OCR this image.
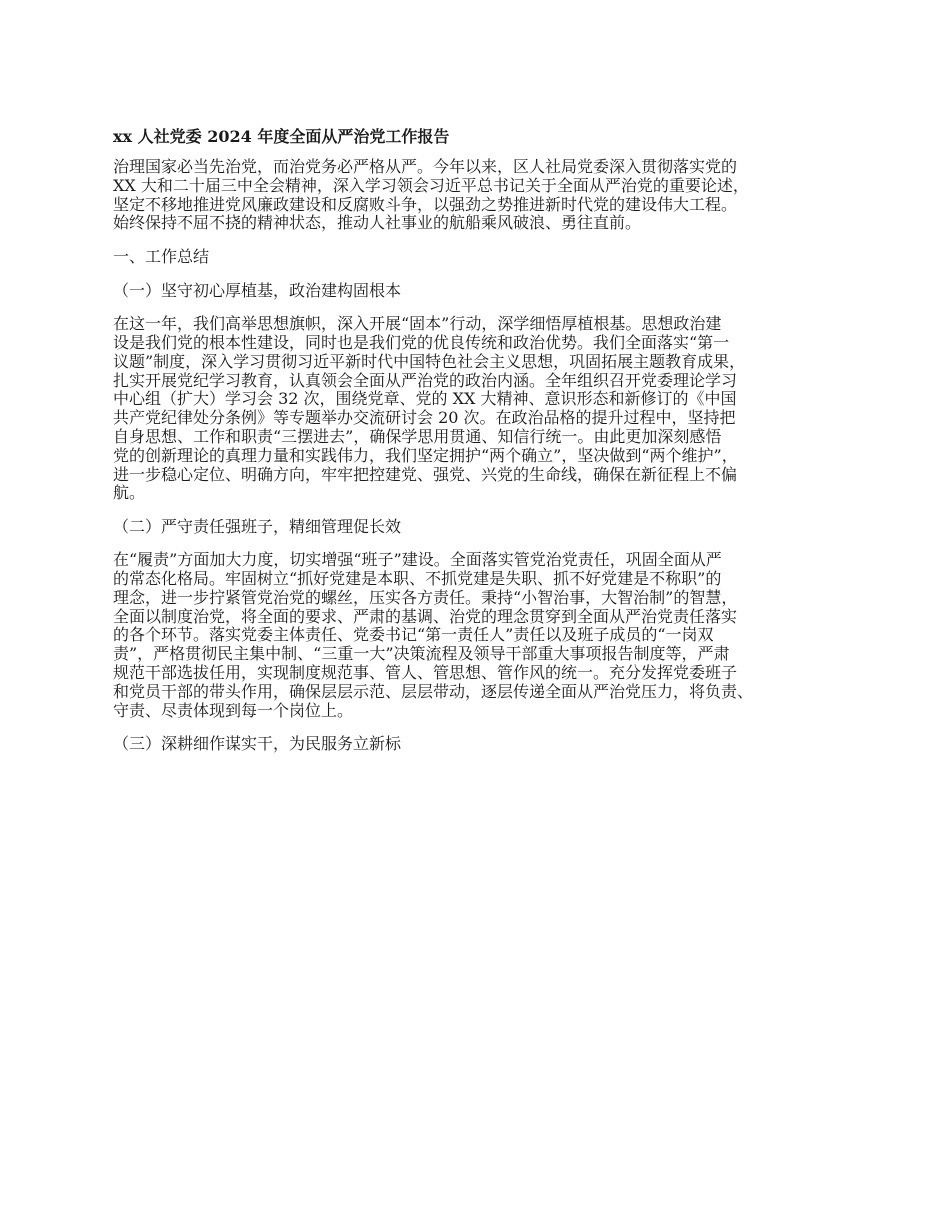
xx 人社党委 2024 年度全面从严治党工作报告
治理国家必当先治党，而治党务必严格从严。今年以来，区人社局党委深入贯彻落实党的
XX 大和二十届三中全会精神，深入学习领会习近平总书记关于全面从严治党的重要论述，
坚定不移地推进党风廉政建设和反腐败斗争，以强劲之势推进新时代党的建设伟大工程。
始终保持不屈不挠的精神状态，推动人社事业的航船乘风破浪、勇往直前。
一、工作总结
（一）坚守初心厚植基，政治建构固根本
在这一年，我们高举思想旗帜，深入开展“固本”行动，深学细悟厚植根基。思想政治建
设是我们党的根本性建设，同时也是我们党的优良传统和政治优势。我们全面落实“第一
议题”制度，深入学习贯彻习近平新时代中国特色社会主义思想，巩固拓展主题教育成果，
扎实开展党纪学习教育，认真领会全面从严治党的政治内涵。全年组织召开党委理论学习
中心组（扩大）学习会 32 次，围绕党章、党的 XX 大精神、意识形态和新修订的《中国
共产党纪律处分条例》等专题举办交流研讨会 20 次。在政治品格的提升过程中，坚持把
自身思想、工作和职责“三摆进去”，确保学思用贯通、知信行统一。由此更加深刻感悟
党的创新理论的真理力量和实践伟力，我们坚定拥护“两个确立”，坚决做到“两个维护”，
进一步稳心定位、明确方向，牢牢把控建党、强党、兴党的生命线，确保在新征程上不偏
航。
（二）严守责任强班子，精细管理促长效
在“履责”方面加大力度，切实增强“班子”建设。全面落实管党治党责任，巩固全面从严
的常态化格局。牢固树立“抓好党建是本职、不抓党建是失职、抓不好党建是不称职”的
理念，进一步拧紧管党治党的螺丝，压实各方责任。秉持“小智治事，大智治制”的智慧，
全面以制度治党，将全面的要求、严肃的基调、治党的理念贯穿到全面从严治党责任落实
的各个环节。落实党委主体责任、党委书记“第一责任人”责任以及班子成员的“一岗双
责”，严格贯彻民主集中制、“三重一大”决策流程及领导干部重大事项报告制度等，严肃
规范干部选拔任用，实现制度规范事、管人、管思想、管作风的统一。充分发挥党委班子
和党员干部的带头作用，确保层层示范、层层带动，逐层传递全面从严治党压力，将负责、
守责、尽责体现到每一个岗位上。
（三）深耕细作谋实干，为民服务立新标
